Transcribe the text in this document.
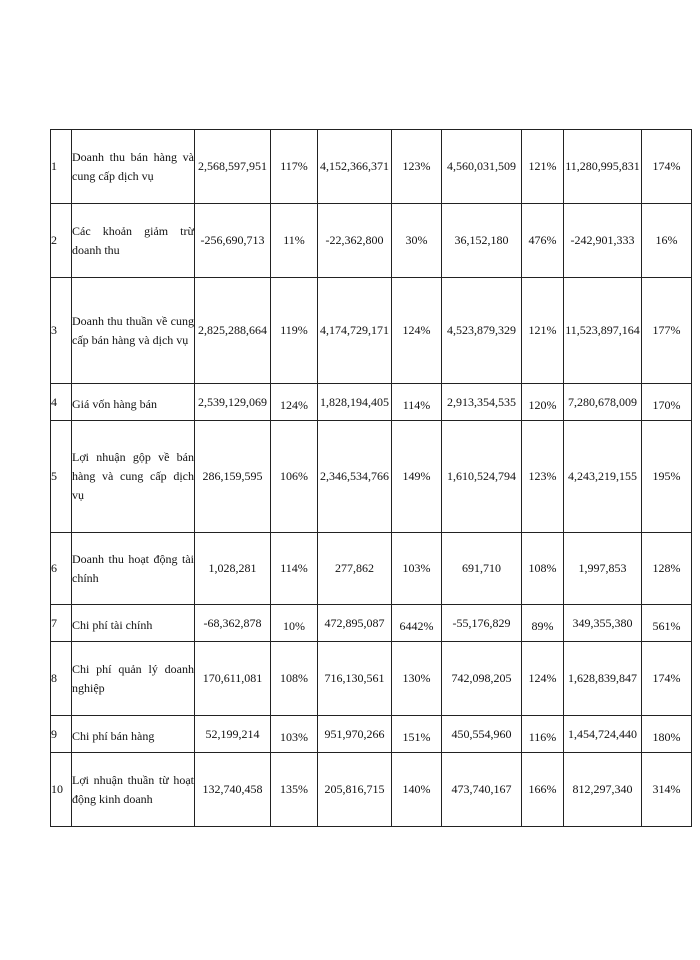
1	Doanh thu bán hàng và cung cấp dịch vụ	2,568,597,951	117%	4,152,366,371	123%	4,560,031,509	121%	11,280,995,831	174%
2	Các khoản giảm trừ doanh thu	-256,690,713	11%	-22,362,800	30%	36,152,180	476%	-242,901,333	16%
3	Doanh thu thuần về cung cấp bán hàng và dịch vụ	2,825,288,664	119%	4,174,729,171	124%	4,523,879,329	121%	11,523,897,164	177%
4	Giá vốn hàng bán	2,539,129,069	124%	1,828,194,405	114%	2,913,354,535	120%	7,280,678,009	170%
5	Lợi nhuận gộp về bán hàng và cung cấp dịch vụ	286,159,595	106%	2,346,534,766	149%	1,610,524,794	123%	4,243,219,155	195%
6	Doanh thu hoạt động tài chính	1,028,281	114%	277,862	103%	691,710	108%	1,997,853	128%
7	Chi phí tài chính	-68,362,878	10%	472,895,087	6442%	-55,176,829	89%	349,355,380	561%
8	Chi phí quản lý doanh nghiệp	170,611,081	108%	716,130,561	130%	742,098,205	124%	1,628,839,847	174%
9	Chi phí bán hàng	52,199,214	103%	951,970,266	151%	450,554,960	116%	1,454,724,440	180%
10	Lợi nhuận thuần từ hoạt động kinh doanh	132,740,458	135%	205,816,715	140%	473,740,167	166%	812,297,340	314%
